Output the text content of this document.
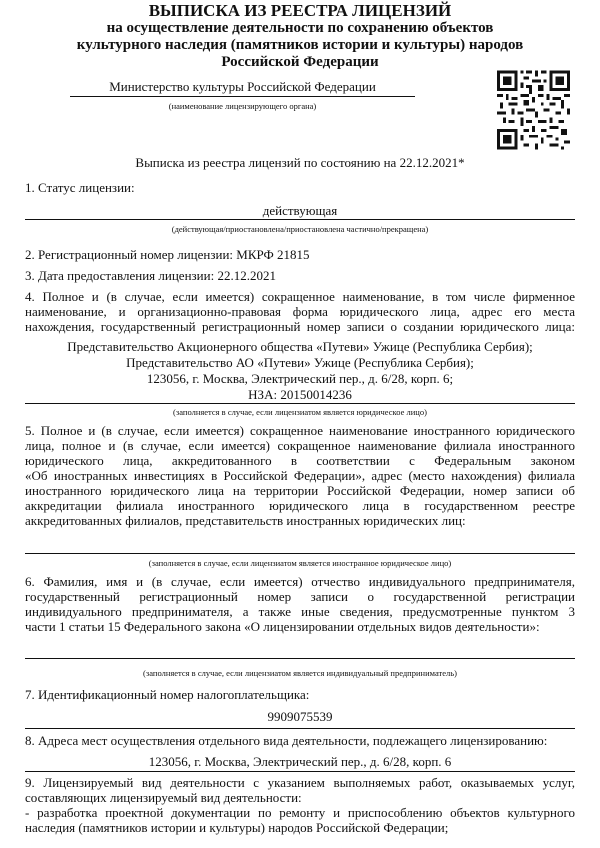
ВЫПИСКА ИЗ РЕЕСТРА ЛИЦЕНЗИЙ
на осуществление деятельности по сохранению объектов
культурного наследия (памятников истории и культуры) народов
Российской Федерации
Министерство культуры Российской Федерации
(наименование лицензирующего органа)
Выписка из реестра лицензий по состоянию на 22.12.2021*
1. Статус лицензии:
действующая
(действующая/приостановлена/приостановлена частично/прекращена)
2. Регистрационный номер лицензии: МКРФ 21815
3. Дата предоставления лицензии: 22.12.2021
4. Полное и (в случае, если имеется) сокращенное наименование, в том числе фирменное
наименование, и организационно-правовая форма юридического лица, адрес его места
нахождения, государственный регистрационный номер записи о создании юридического лица:
Представительство Акционерного общества «Путеви» Ужице (Республика Сербия);
Представительство АО «Путеви» Ужице (Республика Сербия);
123056, г. Москва, Электрический пер., д. 6/28, корп. 6;
НЗА: 20150014236
(заполняется в случае, если лицензиатом является юридическое лицо)
5. Полное и (в случае, если имеется) сокращенное наименование иностранного юридического
лица, полное и (в случае, если имеется) сокращенное наименование филиала иностранного
юридического лица, аккредитованного в соответствии с Федеральным законом
«Об иностранных инвестициях в Российской Федерации», адрес (место нахождения) филиала
иностранного юридического лица на территории Российской Федерации, номер записи об
аккредитации филиала иностранного юридического лица в государственном реестре
аккредитованных филиалов, представительств иностранных юридических лиц:
(заполняется в случае, если лицензиатом является иностранное юридическое лицо)
6. Фамилия, имя и (в случае, если имеется) отчество индивидуального предпринимателя,
государственный регистрационный номер записи о государственной регистрации
индивидуального предпринимателя, а также иные сведения, предусмотренные пунктом 3
части 1 статьи 15 Федерального закона «О лицензировании отдельных видов деятельности»:
(заполняется в случае, если лицензиатом является индивидуальный предприниматель)
7. Идентификационный номер налогоплательщика:
9909075539
8. Адреса мест осуществления отдельного вида деятельности, подлежащего лицензированию:
123056, г. Москва, Электрический пер., д. 6/28, корп. 6
9. Лицензируемый вид деятельности с указанием выполняемых работ, оказываемых услуг,
составляющих лицензируемый вид деятельности:
- разработка проектной документации по ремонту и приспособлению объектов культурного
наследия (памятников истории и культуры) народов Российской Федерации;
